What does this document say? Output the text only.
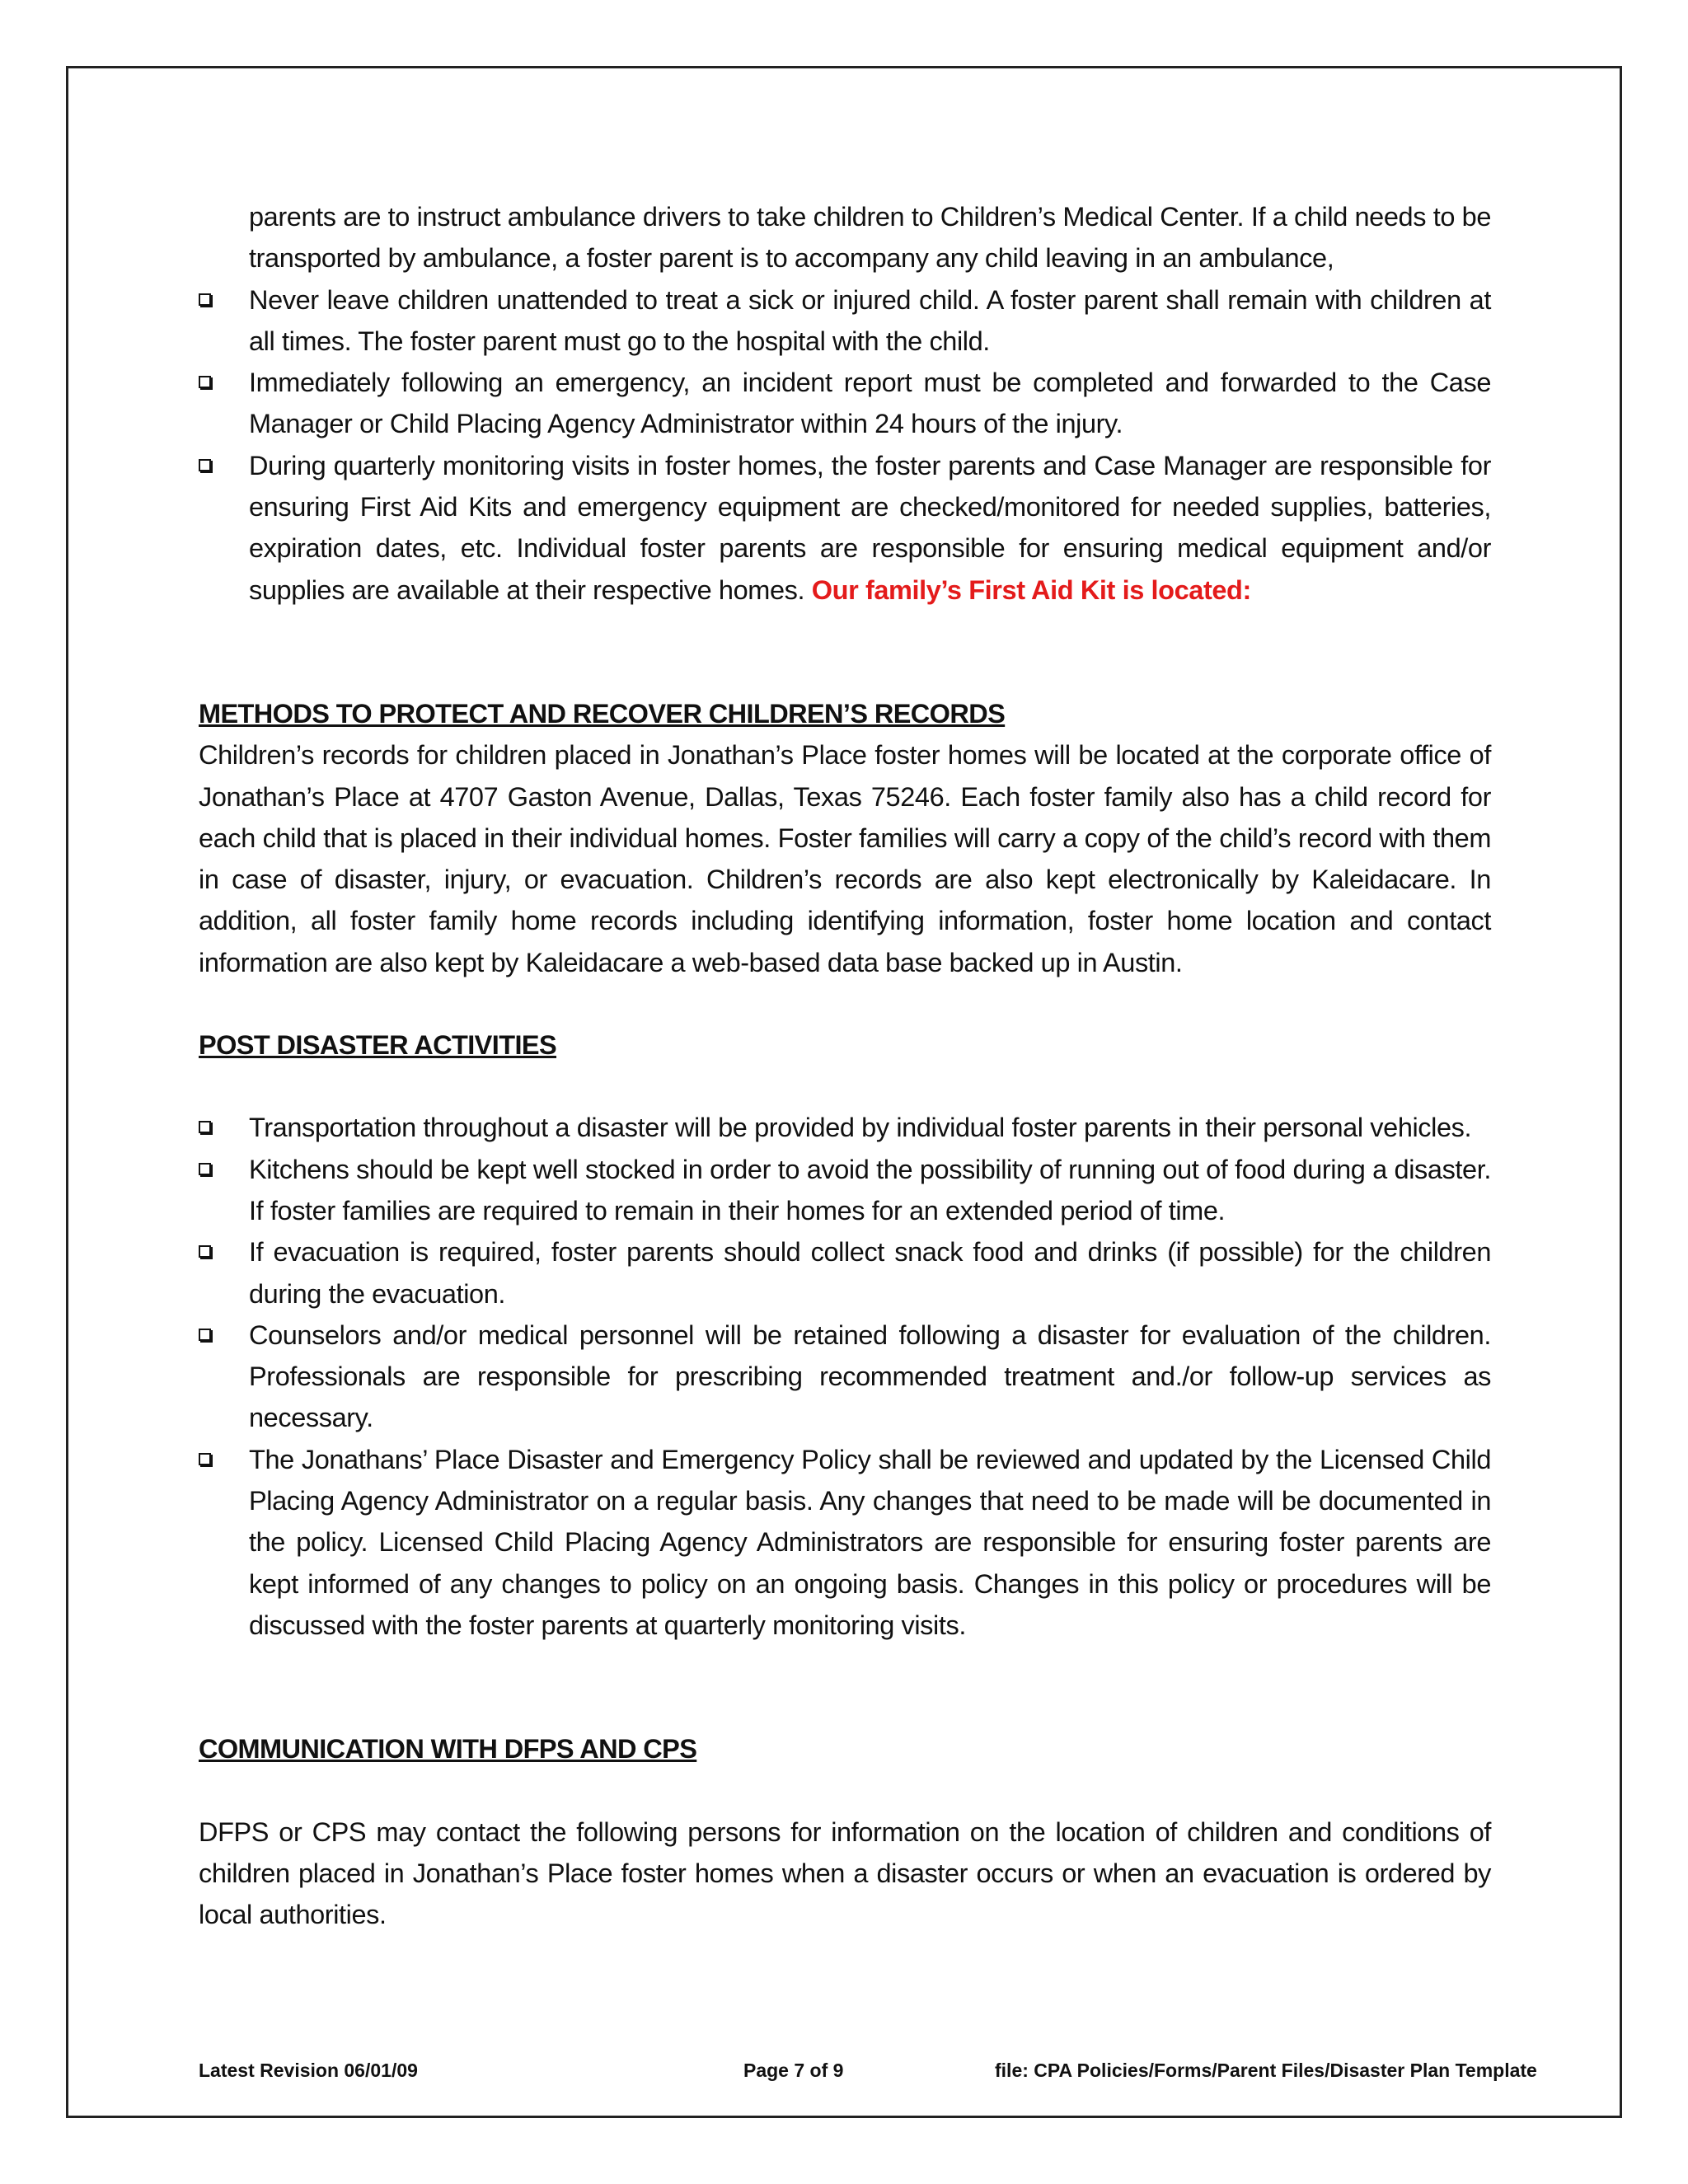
parents are to instruct ambulance drivers to take children to Children’s Medical Center. If a child needs to be transported by ambulance, a foster parent is to accompany any child leaving in an ambulance,
Never leave children unattended to treat a sick or injured child. A foster parent shall remain with children at all times. The foster parent must go to the hospital with the child.
Immediately following an emergency, an incident report must be completed and forwarded to the Case Manager or Child Placing Agency Administrator within 24 hours of the injury.
During quarterly monitoring visits in foster homes, the foster parents and Case Manager are responsible for ensuring First Aid Kits and emergency equipment are checked/monitored for needed supplies, batteries, expiration dates, etc. Individual foster parents are responsible for ensuring medical equipment and/or supplies are available at their respective homes. Our family’s First Aid Kit is located:
METHODS TO PROTECT AND RECOVER CHILDREN’S RECORDS

Children’s records for children placed in Jonathan’s Place foster homes will be located at the corporate office of Jonathan’s Place at 4707 Gaston Avenue, Dallas, Texas 75246. Each foster family also has a child record for each child that is placed in their individual homes. Foster families will carry a copy of the child’s record with them in case of disaster, injury, or evacuation. Children’s records are also kept electronically by Kaleidacare. In addition, all foster family home records including identifying information, foster home location and contact information are also kept by Kaleidacare a web-based data base backed up in Austin.

POST DISASTER ACTIVITIES
Transportation throughout a disaster will be provided by individual foster parents in their personal vehicles.
Kitchens should be kept well stocked in order to avoid the possibility of running out of food during a disaster. If foster families are required to remain in their homes for an extended period of time.
If evacuation is required, foster parents should collect snack food and drinks (if possible) for the children during the evacuation.
Counselors and/or medical personnel will be retained following a disaster for evaluation of the children. Professionals are responsible for prescribing recommended treatment and./or follow-up services as necessary.
The Jonathans’ Place Disaster and Emergency Policy shall be reviewed and updated by the Licensed Child Placing Agency Administrator on a regular basis. Any changes that need to be made will be documented in the policy. Licensed Child Placing Agency Administrators are responsible for ensuring foster parents are kept informed of any changes to policy on an ongoing basis. Changes in this policy or procedures will be discussed with the foster parents at quarterly monitoring visits.
COMMUNICATION WITH DFPS AND CPS

DFPS or CPS may contact the following persons for information on the location of children and conditions of children placed in Jonathan’s Place foster homes when a disaster occurs or when an evacuation is ordered by local authorities.

Latest Revision 06/01/09	Page 7 of 9	file: CPA Policies/Forms/Parent Files/Disaster Plan Template
